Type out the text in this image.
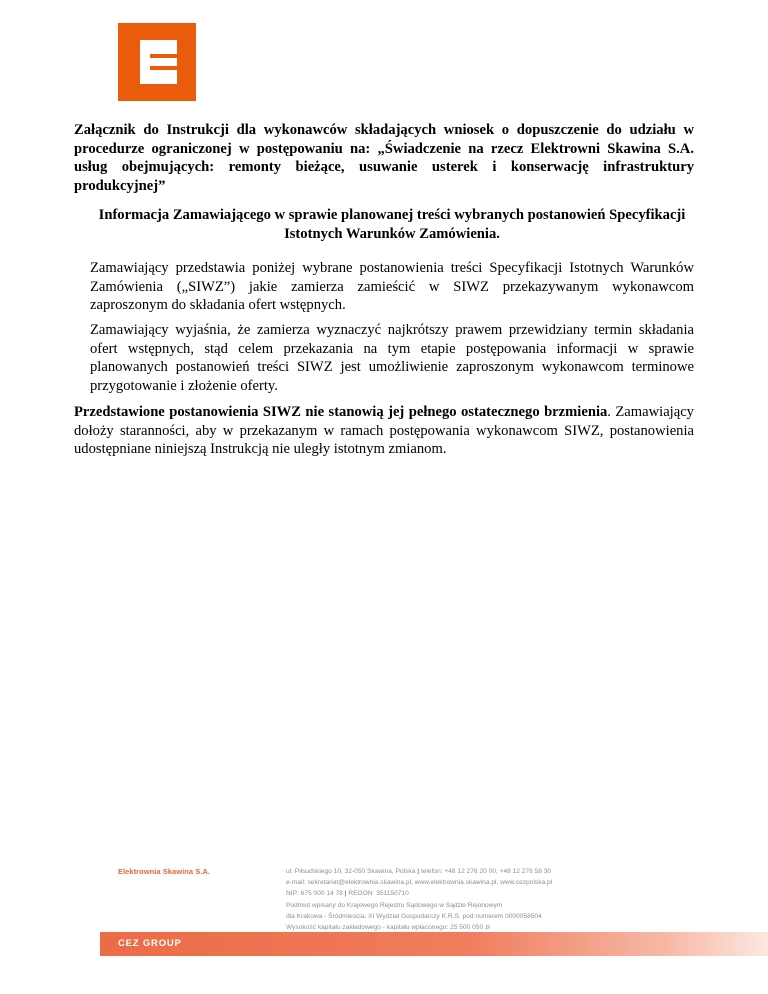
Załącznik do Instrukcji dla wykonawców składających wniosek o dopuszczenie do udziału w procedurze ograniczonej w postępowaniu na: „Świadczenie na rzecz Elektrowni Skawina S.A. usług obejmujących: remonty bieżące, usuwanie usterek i konserwację infrastruktury produkcyjnej”

Informacja Zamawiającego w sprawie planowanej treści wybranych postanowień Specyfikacji Istotnych Warunków Zamówienia.

Zamawiający przedstawia poniżej wybrane postanowienia treści Specyfikacji Istotnych Warunków Zamówienia („SIWZ”) jakie zamierza zamieścić w SIWZ przekazywanym wykonawcom zaproszonym do składania ofert wstępnych.

Zamawiający wyjaśnia, że zamierza wyznaczyć najkrótszy prawem przewidziany termin składania ofert wstępnych, stąd celem przekazania na tym etapie postępowania informacji w sprawie planowanych postanowień treści SIWZ jest umożliwienie zaproszonym wykonawcom terminowe przygotowanie i złożenie oferty.

Przedstawione postanowienia SIWZ nie stanowią jej pełnego ostatecznego brzmienia. Zamawiający dołoży staranności, aby w przekazanym w ramach postępowania wykonawcom SIWZ, postanowienia udostępniane niniejszą Instrukcją nie uległy istotnym zmianom.

Elektrownia Skawina S.A.	ul. Piłsudskiego 10, 32-050 Skawina, Polska | telefon: +48 12 276 20 00, +48 12 276 58 30
e-mail: sekretariat@elektrownia.skawina.pl, www.elektrownia.skawina.pl, www.cezpolska.pl
NIP: 675 000 14 78 | REGON: 351150710
Podmiot wpisany do Krajowego Rejestru Sądowego w Sądzie Rejonowym
dla Krakowa - Śródmieścia, XI Wydział Gospodarczy K.R.S. pod numerem 0000058504
Wysokość kapitału zakładowego - kapitału wpłaconego: 25 500 050 zł

CEZ GROUP
